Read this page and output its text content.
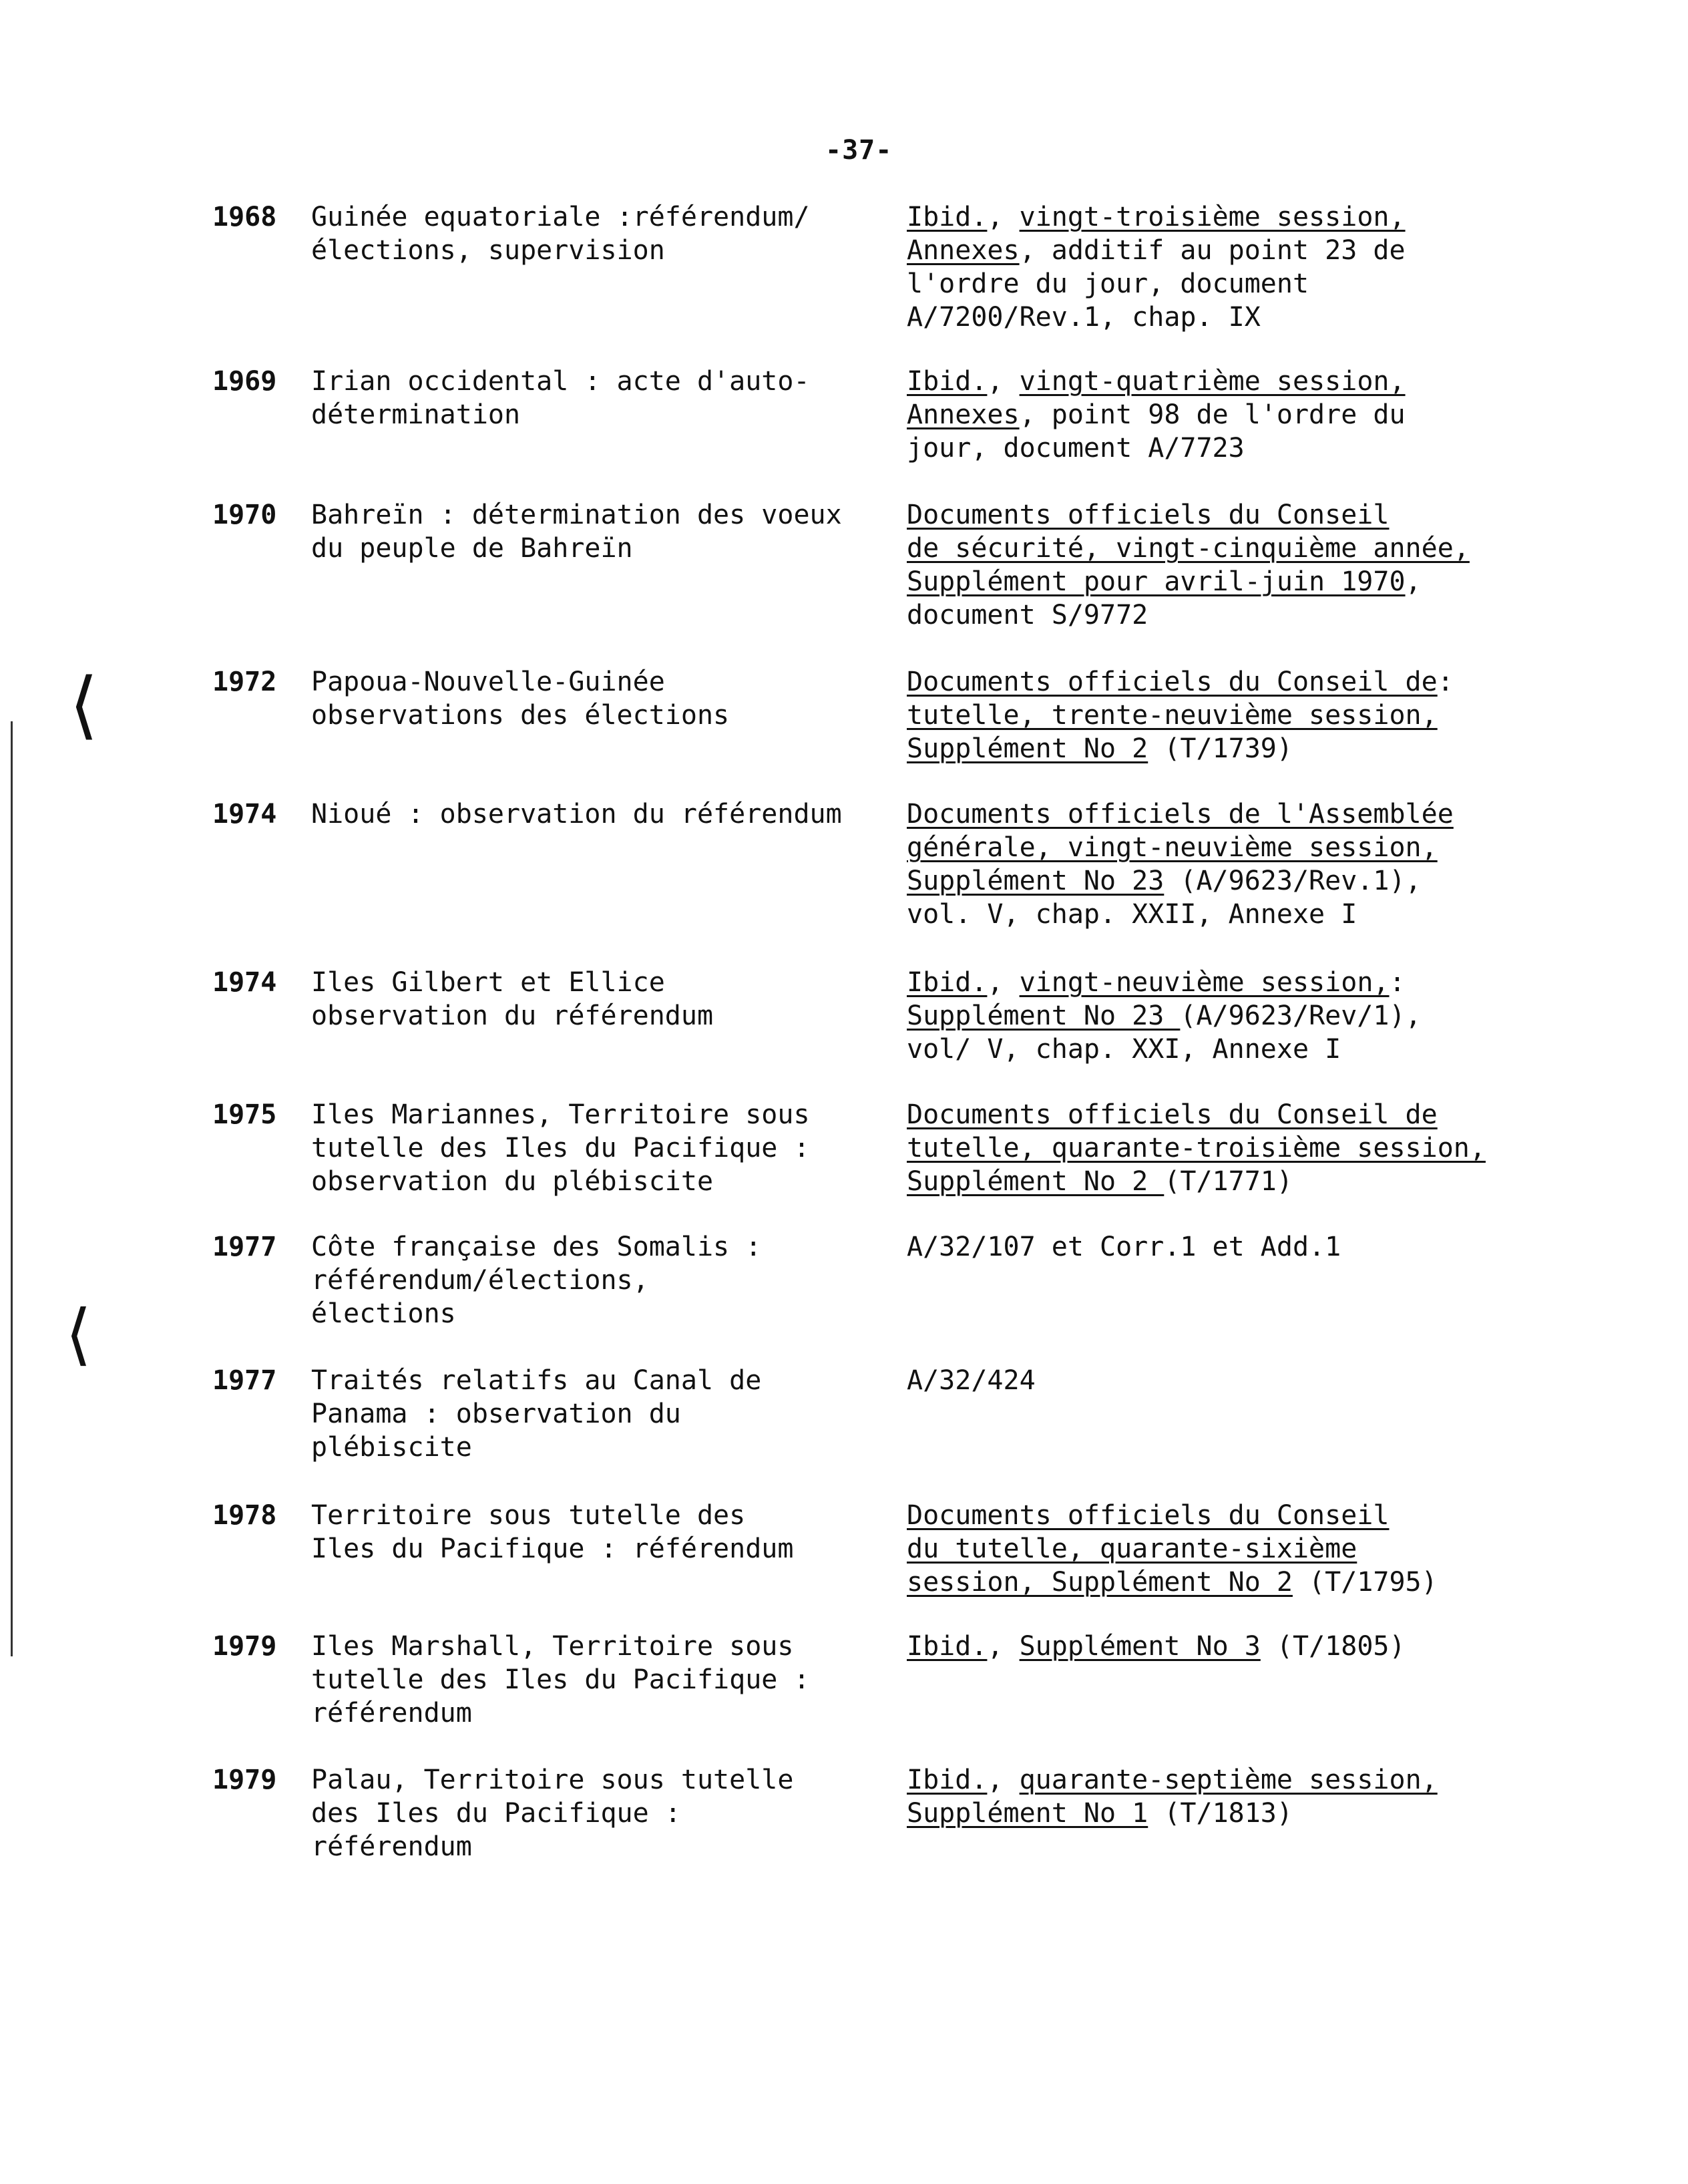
-37-
1968 Guinée equatoriale :référendum/
élections, supervision
Ibid., vingt-troisième session,
Annexes, additif au point 23 de
l'ordre du jour, document
A/7200/Rev.1, chap. IX
1969 Irian occidental : acte d'auto-
détermination
Ibid., vingt-quatrième session,
Annexes, point 98 de l'ordre du
jour, document A/7723
1970 Bahreïn : détermination des voeux
du peuple de Bahreïn
Documents officiels du Conseil
de sécurité, vingt-cinquième année,
Supplément pour avril-juin 1970,
document S/9772
1972 Papoua-Nouvelle-Guinée
observations des élections
Documents officiels du Conseil de:
tutelle, trente-neuvième session,
Supplément No 2 (T/1739)
1974 Nioué : observation du référendum	Documents officiels de l'Assemblée
générale, vingt-neuvième session,
Supplément No 23 (A/9623/Rev.1),
vol. V, chap. XXII, Annexe I
1974 Iles Gilbert et Ellice
observation du référendum
Ibid., vingt-neuvième session,:
Supplément No 23 (A/9623/Rev/1),
vol/ V, chap. XXI, Annexe I
1975 Iles Mariannes, Territoire sous
tutelle des Iles du Pacifique :
observation du plébiscite
Documents officiels du Conseil de
tutelle, quarante-troisième session,
Supplément No 2 (T/1771)
1977 Côte française des Somalis :
référendum/élections,
élections
A/32/107 et Corr.1 et Add.1
1977 Traités relatifs au Canal de
Panama : observation du
plébiscite
A/32/424
1978 Territoire sous tutelle des
Iles du Pacifique : référendum
Documents officiels du Conseil
du tutelle, quarante-sixième
session, Supplément No 2 (T/1795)
1979 Iles Marshall, Territoire sous
tutelle des Iles du Pacifique :
référendum
Ibid., Supplément No 3 (T/1805)
1979 Palau, Territoire sous tutelle
des Iles du Pacifique :
référendum
Ibid., quarante-septième session,
Supplément No 1 (T/1813)
⟨
⟨
